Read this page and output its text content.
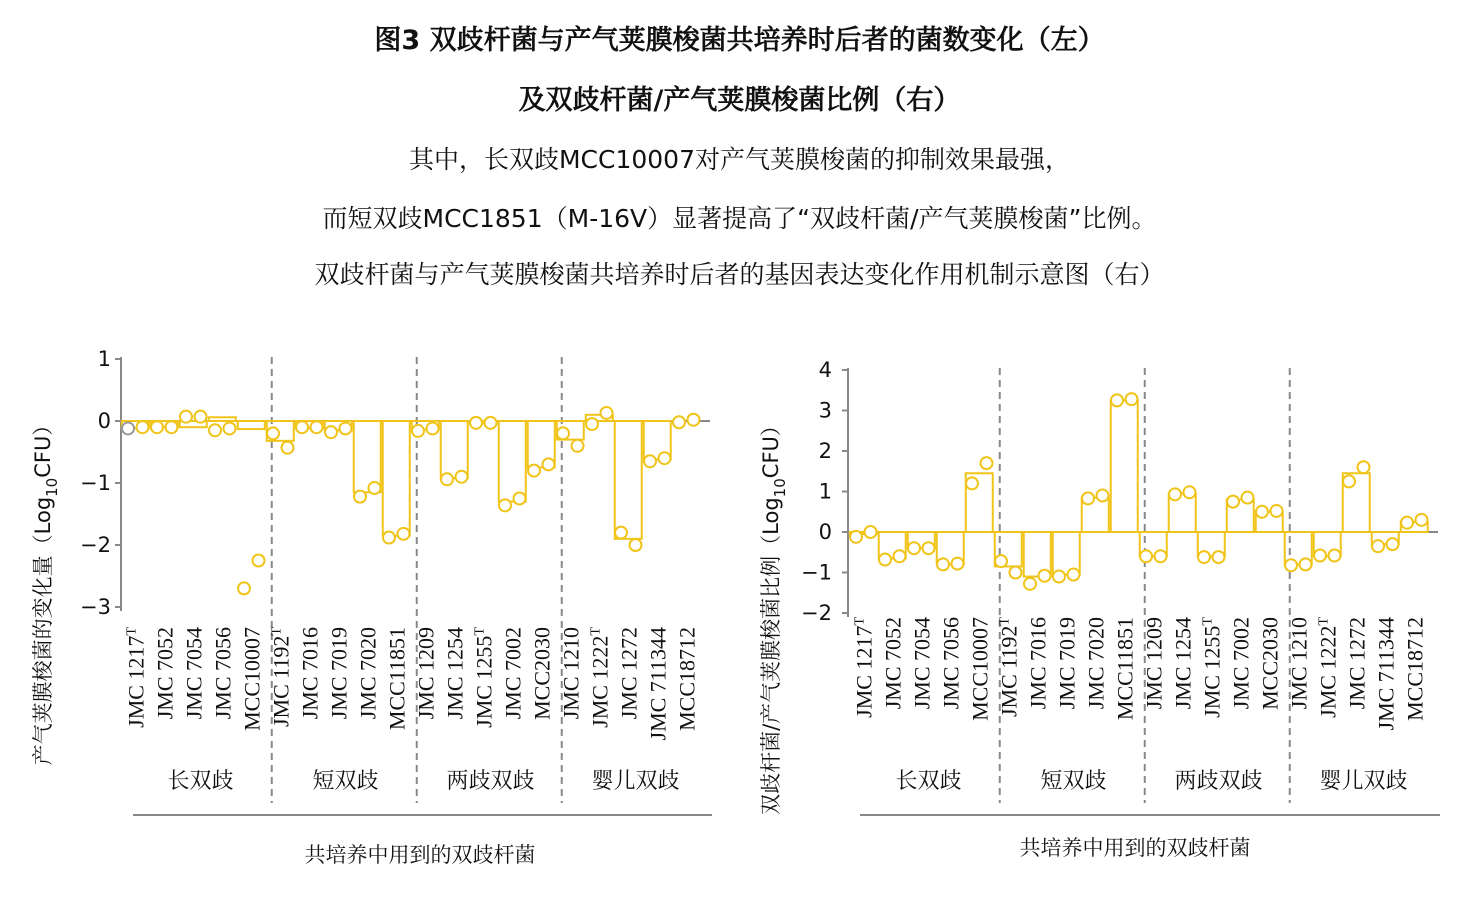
图3 双歧杆菌与产气荚膜梭菌共培养时后者的菌数变化（左）
及双歧杆菌/产气荚膜梭菌比例（右）
其中，长双歧MCC10007对产气荚膜梭菌的抑制效果最强，
而短双歧MCC1851（M-16V）显著提高了“双歧杆菌/产气荚膜梭菌”比例。
双歧杆菌与产气荚膜梭菌共培养时后者的基因表达变化作用机制示意图（右）
1
0
−1
−2
−3
长双歧	短双歧	两歧双歧	婴儿双歧
JMC $1217^T$ JMC 7052 JMC 7054 JMC 7056 MCC10007 JMC $1192^T$ JMC 7016 JMC 7019 JMC 7020 MCC11851 JMC 1209 JMC 1254 JMC $1255^T$ JMC 7002 MCC2030 JMC 1210 JMC $1222^T$ JMC 1272 JMC 711344 MCC18712
共培养中用到的双歧杆菌
产气荚膜梭菌的变化量（Log$_{10}$CFU）
4
3
2
1
0
−1
−2
长双歧	短双歧	两歧双歧	婴儿双歧
JMC $1217^T$ JMC 7052 JMC 7054 JMC 7056 MCC10007 JMC $1192^T$ JMC 7016 JMC 7019 JMC 7020 MCC11851 JMC 1209 JMC 1254 JMC $1255^T$ JMC 7002 MCC2030 JMC 1210 JMC $1222^T$ JMC 1272 JMC 711344 MCC18712
共培养中用到的双歧杆菌
双歧杆菌/产气荚膜梭菌比例（Log$_{10}$CFU）
